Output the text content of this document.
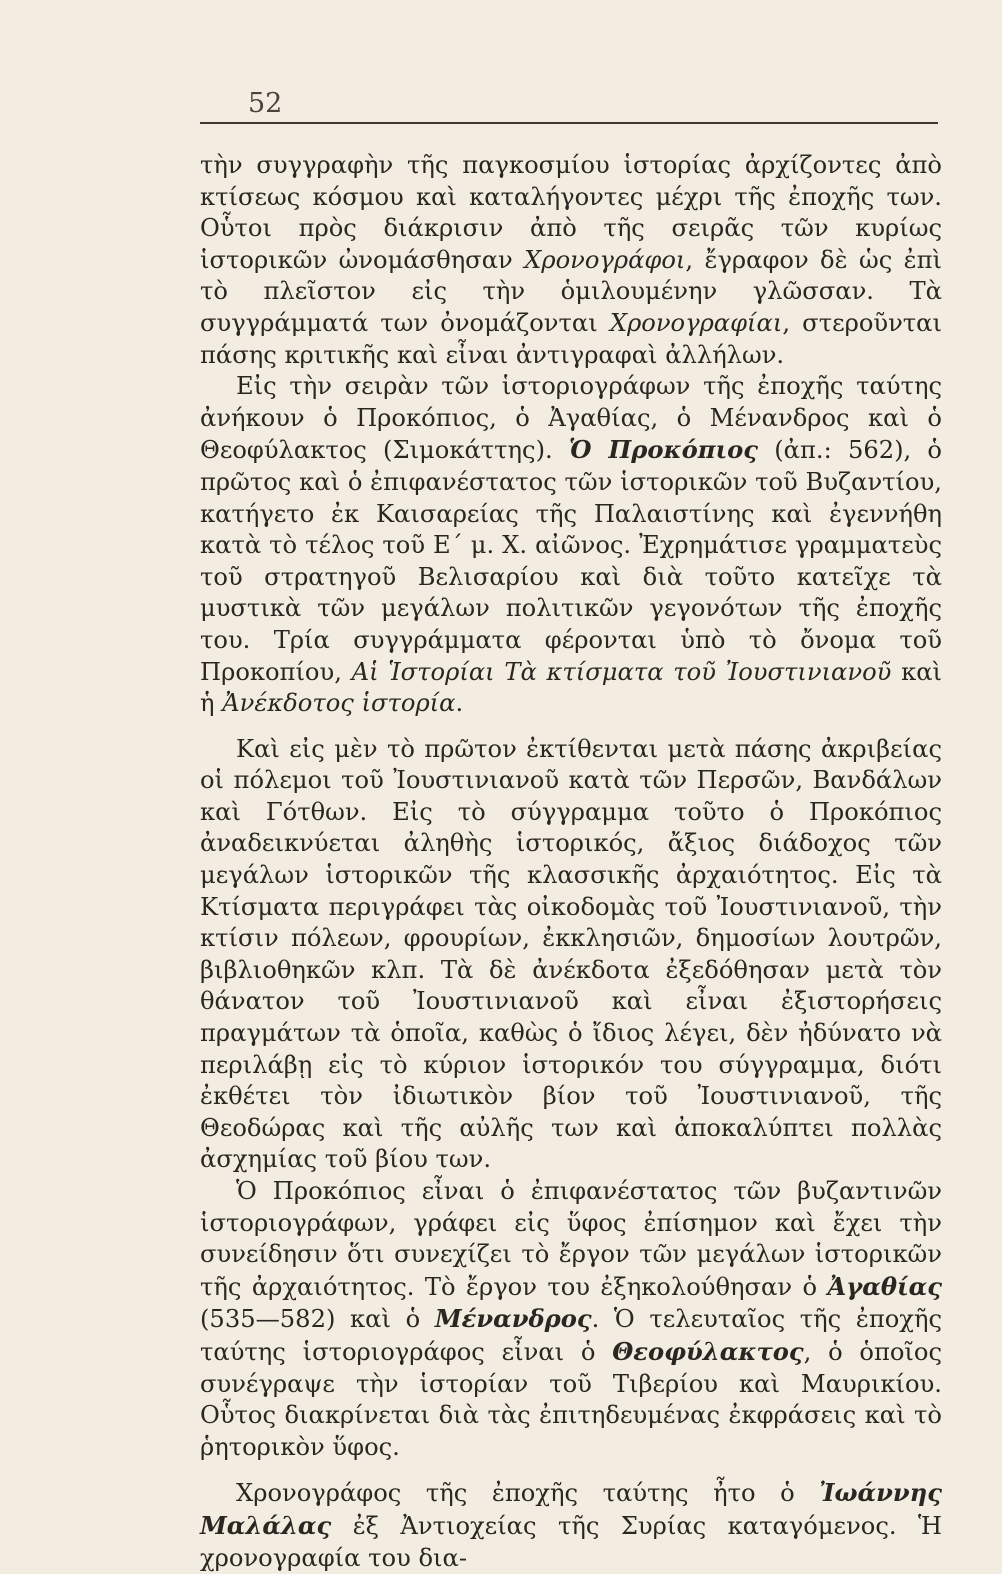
52

τὴν συγγραφὴν τῆς παγκοσμίου ἱστορίας ἀρχίζοντες ἀπὸ κτίσεως κόσμου καὶ καταλήγοντες μέχρι τῆς ἐποχῆς των. Οὗτοι πρὸς διάκρισιν ἀπὸ τῆς σειρᾶς τῶν κυρίως ἱστορικῶν ὠνομάσθησαν Χρονογράφοι, ἔγραφον δὲ ὡς ἐπὶ τὸ πλεῖστον εἰς τὴν ὁμιλουμένην γλῶσσαν. Τὰ συγγράμματά των ὀνομάζονται Χρονογραφίαι, στεροῦνται πάσης κριτικῆς καὶ εἶναι ἀντιγραφαὶ ἀλλήλων.

Εἰς τὴν σειρὰν τῶν ἱστοριογράφων τῆς ἐποχῆς ταύτης ἀνήκουν ὁ Προκόπιος, ὁ Ἀγαθίας, ὁ Μένανδρος καὶ ὁ Θεοφύλακτος (Σιμοκάττης). Ὁ Προκόπιος (ἀπ.: 562), ὁ πρῶτος καὶ ὁ ἐπιφανέστατος τῶν ἱστορικῶν τοῦ Βυζαντίου, κατήγετο ἐκ Καισαρείας τῆς Παλαιστίνης καὶ ἐγεννήθη κατὰ τὸ τέλος τοῦ Ε´ μ. Χ. αἰῶνος. Ἐχρημάτισε γραμματεὺς τοῦ στρατηγοῦ Βελισαρίου καὶ διὰ τοῦτο κατεῖχε τὰ μυστικὰ τῶν μεγάλων πολιτικῶν γεγονότων τῆς ἐποχῆς του. Τρία συγγράμματα φέρονται ὑπὸ τὸ ὄνομα τοῦ Προκοπίου, Αἱ Ἱστορίαι Τὰ κτίσματα τοῦ Ἰουστινιανοῦ καὶ ἡ Ἀνέκδοτος ἱστορία.

Καὶ εἰς μὲν τὸ πρῶτον ἐκτίθενται μετὰ πάσης ἀκριβείας οἱ πόλεμοι τοῦ Ἰουστινιανοῦ κατὰ τῶν Περσῶν, Βανδάλων καὶ Γότθων. Εἰς τὸ σύγγραμμα τοῦτο ὁ Προκόπιος ἀναδεικνύεται ἀληθὴς ἱστορικός, ἄξιος διάδοχος τῶν μεγάλων ἱστορικῶν τῆς κλασσικῆς ἀρχαιότητος. Εἰς τὰ Κτίσματα περιγράφει τὰς οἰκοδομὰς τοῦ Ἰουστινιανοῦ, τὴν κτίσιν πόλεων, φρουρίων, ἐκκλησιῶν, δημοσίων λουτρῶν, βιβλιοθηκῶν κλπ. Τὰ δὲ ἀνέκδοτα ἐξεδόθησαν μετὰ τὸν θάνατον τοῦ Ἰουστινιανοῦ καὶ εἶναι ἐξιστορήσεις πραγμάτων τὰ ὁποῖα, καθὼς ὁ ἴδιος λέγει, δὲν ἠδύνατο νὰ περιλάβῃ εἰς τὸ κύριον ἱστορικόν του σύγγραμμα, διότι ἐκθέτει τὸν ἰδιωτικὸν βίον τοῦ Ἰουστινιανοῦ, τῆς Θεοδώρας καὶ τῆς αὐλῆς των καὶ ἀποκαλύπτει πολλὰς ἀσχημίας τοῦ βίου των.

Ὁ Προκόπιος εἶναι ὁ ἐπιφανέστατος τῶν βυζαντινῶν ἱστοριογράφων, γράφει εἰς ὕφος ἐπίσημον καὶ ἔχει τὴν συνείδησιν ὅτι συνεχίζει τὸ ἔργον τῶν μεγάλων ἱστορικῶν τῆς ἀρχαιότητος. Τὸ ἔργον του ἐξηκολούθησαν ὁ Ἀγαθίας (535—582) καὶ ὁ Μένανδρος. Ὁ τελευταῖος τῆς ἐποχῆς ταύτης ἱστοριογράφος εἶναι ὁ Θεοφύλακτος, ὁ ὁποῖος συνέγραψε τὴν ἱστορίαν τοῦ Τιβερίου καὶ Μαυρικίου. Οὗτος διακρίνεται διὰ τὰς ἐπιτηδευμένας ἐκφράσεις καὶ τὸ ῥητορικὸν ὕφος.

Χρονογράφος τῆς ἐποχῆς ταύτης ἦτο ὁ Ἰωάννης Μαλάλας ἐξ Ἀντιοχείας τῆς Συρίας καταγόμενος. Ἡ χρονογραφία του δια-
